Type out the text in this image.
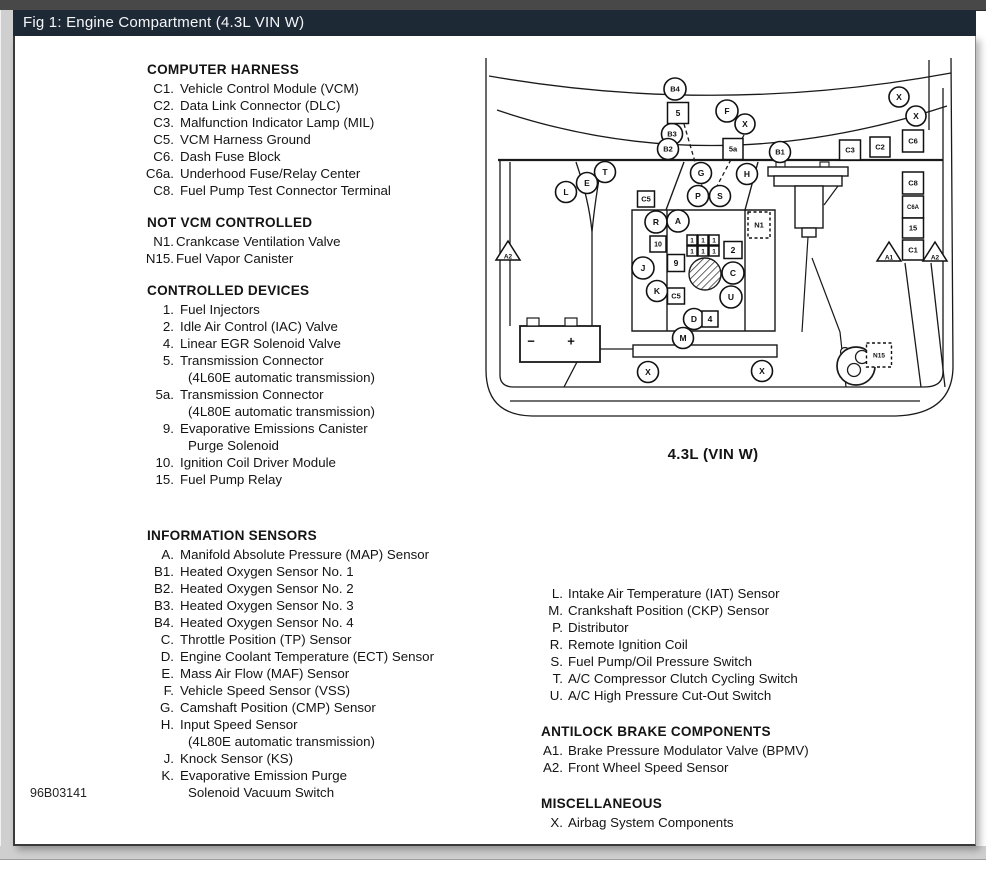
Fig 1: Engine Compartment (4.3L VIN W)
COMPUTER HARNESS
C1. Vehicle Control Module (VCM)
C2. Data Link Connector (DLC)
C3. Malfunction Indicator Lamp (MIL)
C5. VCM Harness Ground
C6. Dash Fuse Block
C6a. Underhood Fuse/Relay Center
C8. Fuel Pump Test Connector Terminal
NOT VCM CONTROLLED
N1. Crankcase Ventilation Valve
N15. Fuel Vapor Canister
CONTROLLED DEVICES
1. Fuel Injectors
2. Idle Air Control (IAC) Valve
4. Linear EGR Solenoid Valve
5. Transmission Connector
(4L60E automatic transmission)
5a. Transmission Connector
(4L80E automatic transmission)
9. Evaporative Emissions Canister
Purge Solenoid
10. Ignition Coil Driver Module
15. Fuel Pump Relay
INFORMATION SENSORS
A. Manifold Absolute Pressure (MAP) Sensor
B1. Heated Oxygen Sensor No. 1
B2. Heated Oxygen Sensor No. 2
B3. Heated Oxygen Sensor No. 3
B4. Heated Oxygen Sensor No. 4
C. Throttle Position (TP) Sensor
D. Engine Coolant Temperature (ECT) Sensor
E. Mass Air Flow (MAF) Sensor
F. Vehicle Speed Sensor (VSS)
G. Camshaft Position (CMP) Sensor
H. Input Speed Sensor
(4L80E automatic transmission)
J. Knock Sensor (KS)
K. Evaporative Emission Purge
Solenoid Vacuum Switch
L. Intake Air Temperature (IAT) Sensor
M. Crankshaft Position (CKP) Sensor
P. Distributor
R. Remote Ignition Coil
S. Fuel Pump/Oil Pressure Switch
T. A/C Compressor Clutch Cycling Switch
U. A/C High Pressure Cut-Out Switch
ANTILOCK BRAKE COMPONENTS
A1. Brake Pressure Modulator Valve (BPMV)
A2. Front Wheel Speed Sensor
MISCELLANEOUS
X. Airbag System Components
B4
F
X
X
X
B3
B2	B1
T
E
L
G	H
P S
R A
J
K
C
U
D
M
X	X
5
5a
C5
C3	C2
C6
C8
C6A
15
C1
10
9
2
C5
4
1 1 1
1 1 1
N1
N15
A2	A1	A2
− +
4.3L (VIN W)
96B03141
